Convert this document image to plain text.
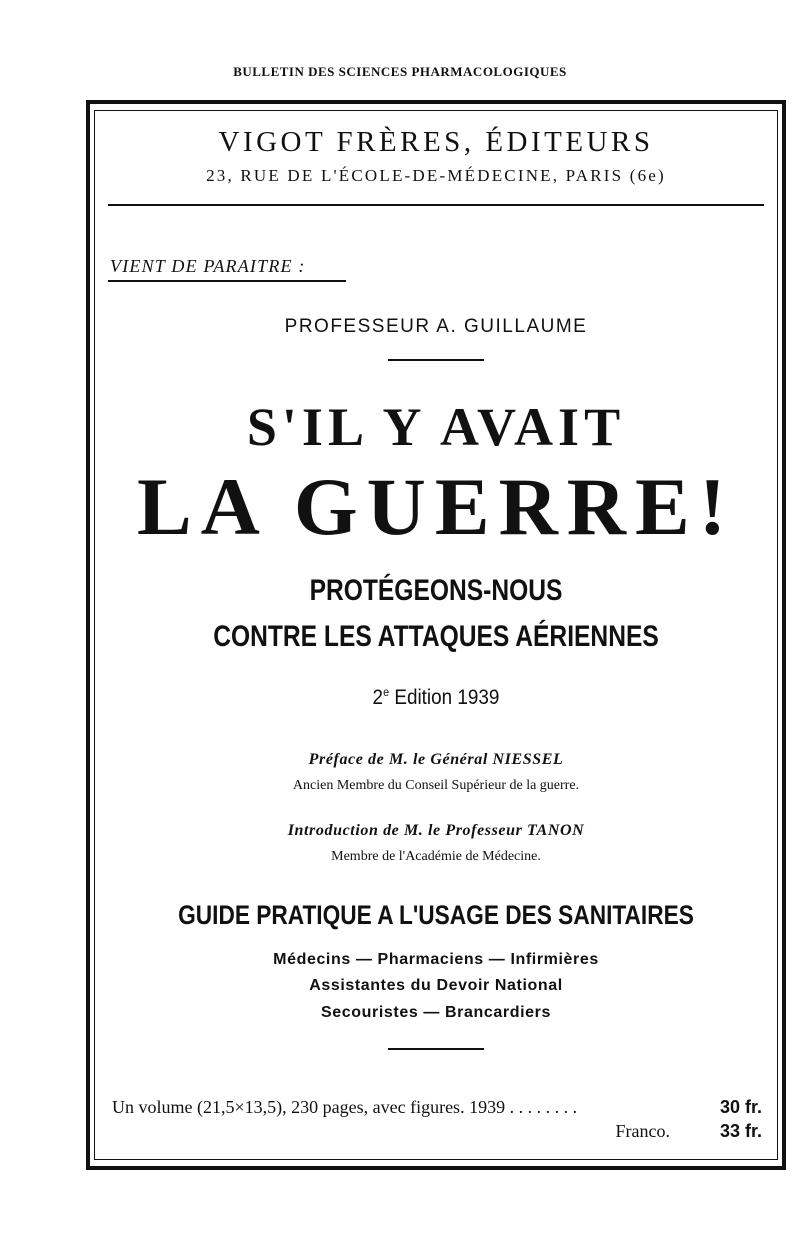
BULLETIN DES SCIENCES PHARMACOLOGIQUES
VIGOT FRÈRES, ÉDITEURS
23, RUE DE L'ÉCOLE-DE-MÉDECINE, PARIS (6e)
VIENT DE PARAITRE :
PROFESSEUR A. GUILLAUME
S'IL Y AVAIT
LA GUERRE!
PROTÉGEONS-NOUS
CONTRE LES ATTAQUES AÉRIENNES
2e Edition 1939
Préface de M. le Général NIESSEL
Ancien Membre du Conseil Supérieur de la guerre.
Introduction de M. le Professeur TANON
Membre de l'Académie de Médecine.
GUIDE PRATIQUE A L'USAGE DES SANITAIRES
Médecins — Pharmaciens — Infirmières
Assistantes du Devoir National
Secouristes — Brancardiers
Un volume (21,5×13,5), 230 pages, avec figures. 1939 . . . . . . . .	30 fr.
Franco.	33 fr.
